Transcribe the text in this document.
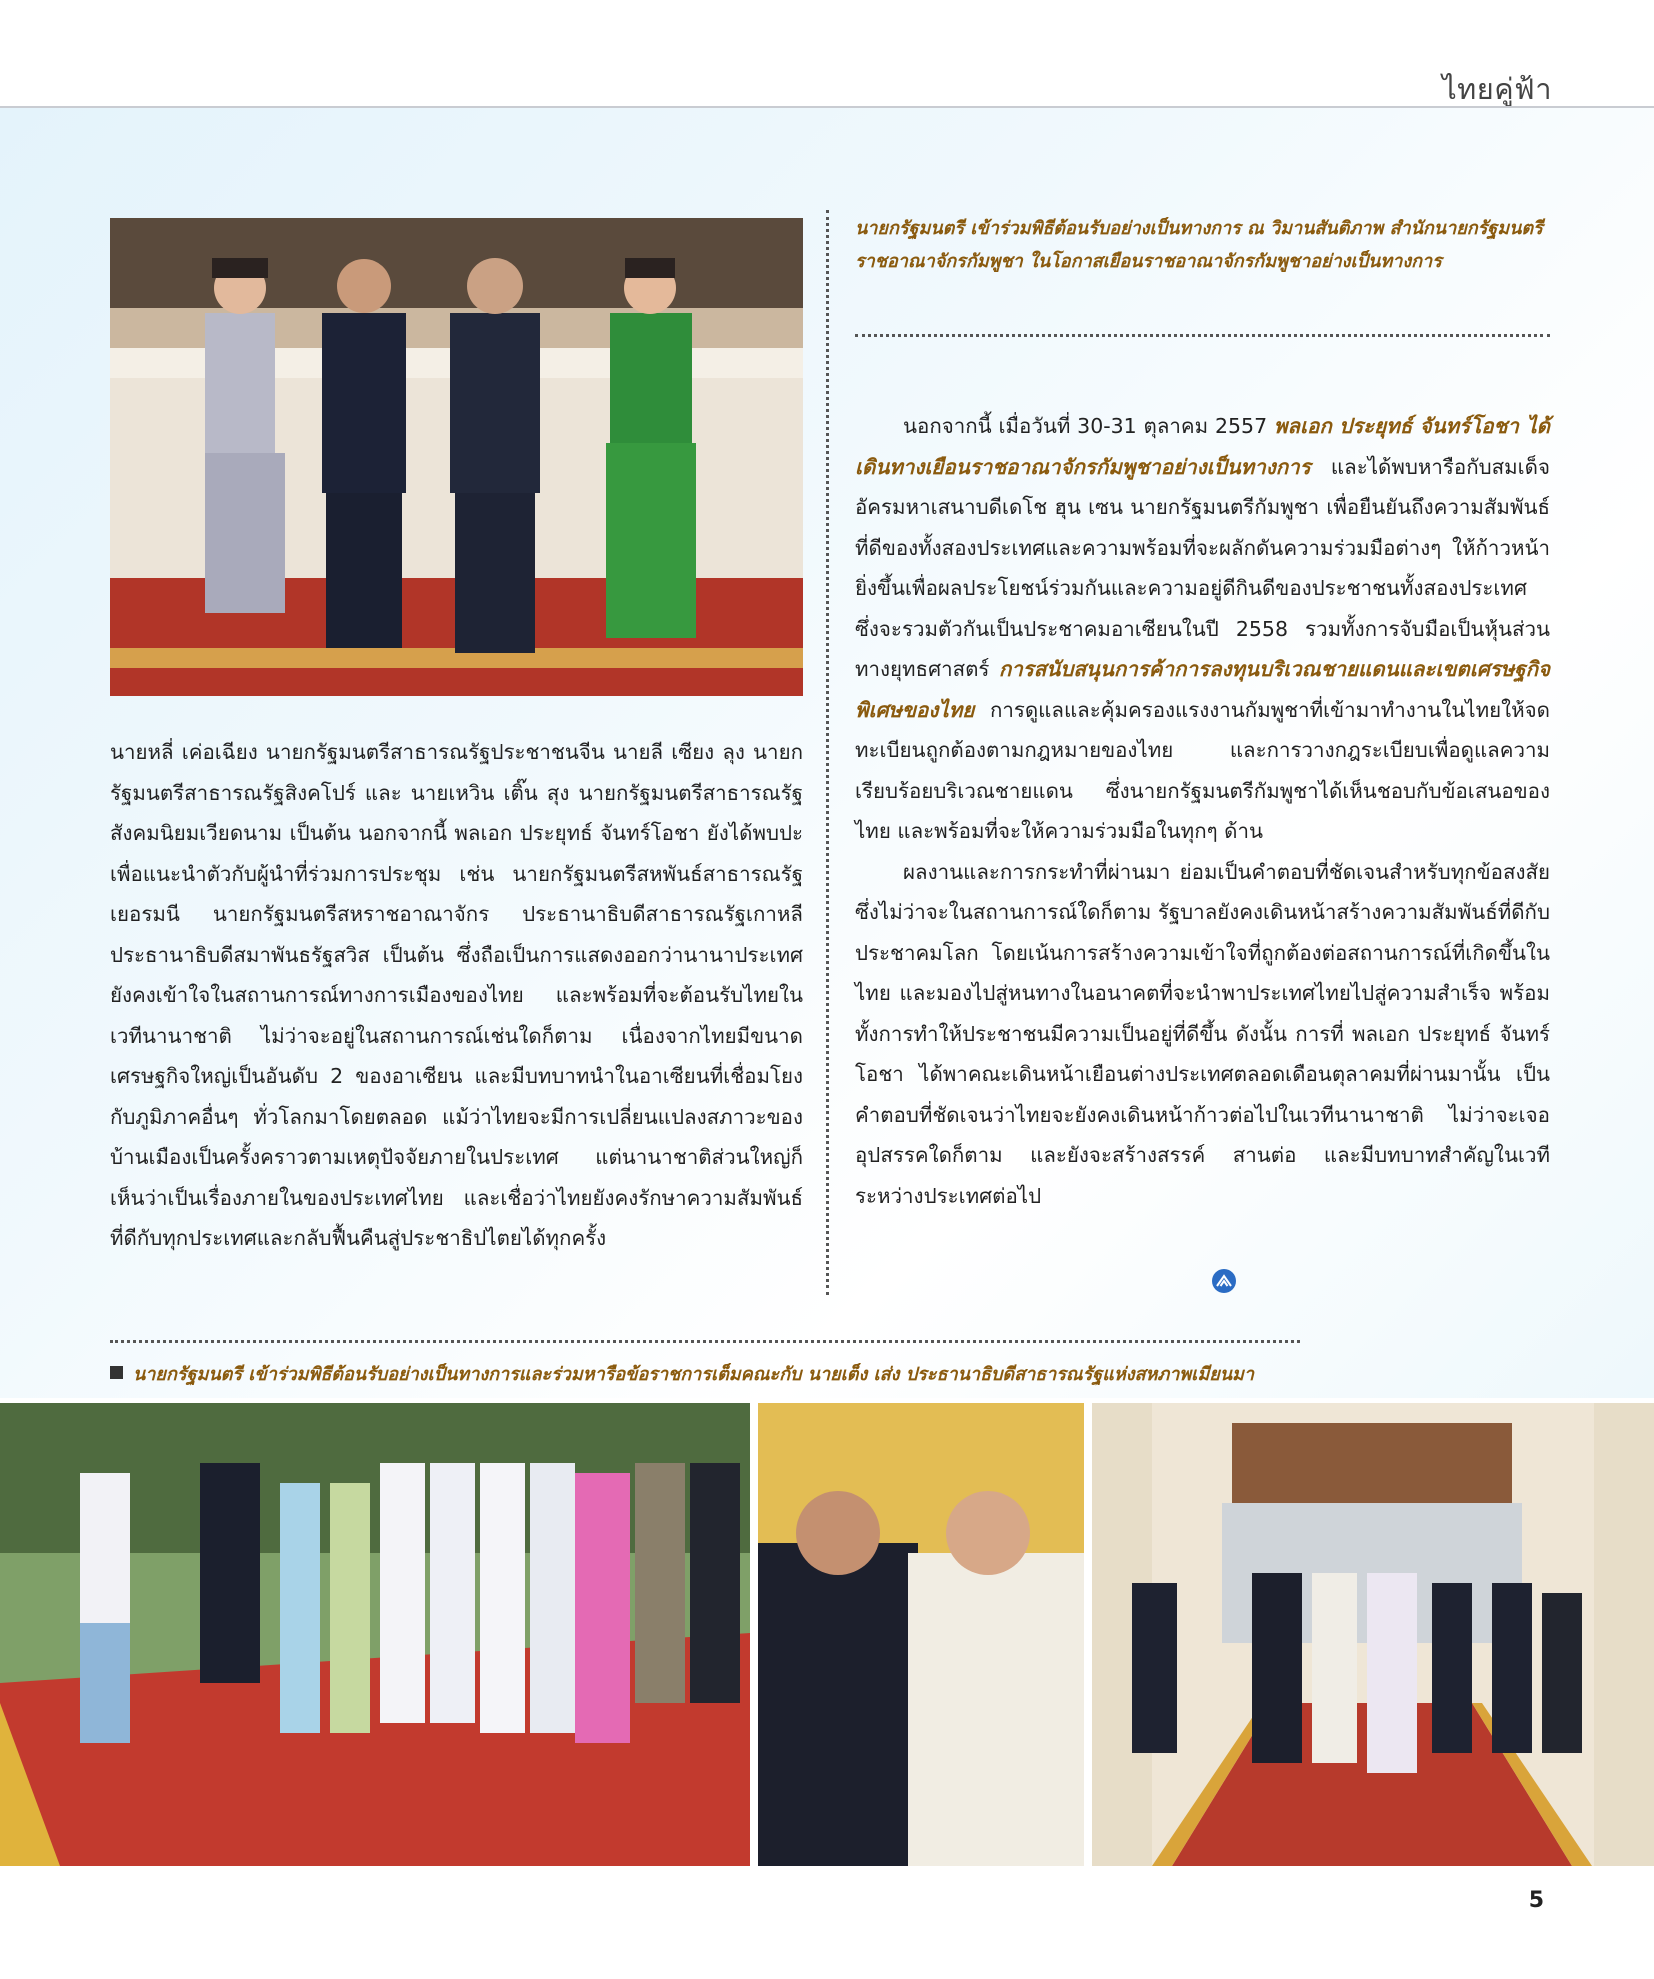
ไทยคู่ฟ้า
นายกรัฐมนตรี เข้าร่วมพิธีต้อนรับอย่างเป็นทางการ ณ วิมานสันติภาพ สำนักนายกรัฐมนตรี ราชอาณาจักรกัมพูชา ในโอกาสเยือนราชอาณาจักรกัมพูชาอย่างเป็นทางการ

นายหลี่ เค่อเฉียง นายกรัฐมนตรีสาธารณรัฐประชาชนจีน นายลี เซียง ลุง นายกรัฐมนตรีสาธารณรัฐสิงคโปร์ และ นายเหวิน เติ๊น สุง นายกรัฐมนตรีสาธารณรัฐสังคมนิยมเวียดนาม เป็นต้น นอกจากนี้ พลเอก ประยุทธ์ จันทร์โอชา ยังได้พบปะเพื่อแนะนำตัวกับผู้นำที่ร่วมการประชุม เช่น นายกรัฐมนตรีสหพันธ์สาธารณรัฐเยอรมนี นายกรัฐมนตรีสหราชอาณาจักร ประธานาธิบดีสาธารณรัฐเกาหลี ประธานาธิบดีสมาพันธรัฐสวิส เป็นต้น ซึ่งถือเป็นการแสดงออกว่านานาประเทศยังคงเข้าใจในสถานการณ์ทางการเมืองของไทย และพร้อมที่จะต้อนรับไทยในเวทีนานาชาติ ไม่ว่าจะอยู่ในสถานการณ์เช่นใดก็ตาม เนื่องจากไทยมีขนาดเศรษฐกิจใหญ่เป็นอันดับ 2 ของอาเซียน และมีบทบาทนำในอาเซียนที่เชื่อมโยงกับภูมิภาคอื่นๆ ทั่วโลกมาโดยตลอด แม้ว่าไทยจะมีการเปลี่ยนแปลงสภาวะของบ้านเมืองเป็นครั้งคราวตามเหตุปัจจัยภายในประเทศ แต่นานาชาติส่วนใหญ่ก็เห็นว่าเป็นเรื่องภายในของประเทศไทย และเชื่อว่าไทยยังคงรักษาความสัมพันธ์ที่ดีกับทุกประเทศและกลับฟื้นคืนสู่ประชาธิปไตยได้ทุกครั้ง

นอกจากนี้ เมื่อวันที่ 30-31 ตุลาคม 2557 พลเอก ประยุทธ์ จันทร์โอชา ได้เดินทางเยือนราชอาณาจักรกัมพูชาอย่างเป็นทางการ และได้พบหารือกับสมเด็จอัครมหาเสนาบดีเดโช ฮุน เซน นายกรัฐมนตรีกัมพูชา เพื่อยืนยันถึงความสัมพันธ์ที่ดีของทั้งสองประเทศและความพร้อมที่จะผลักดันความร่วมมือต่างๆ ให้ก้าวหน้ายิ่งขึ้นเพื่อผลประโยชน์ร่วมกันและความอยู่ดีกินดีของประชาชนทั้งสองประเทศ ซึ่งจะรวมตัวกันเป็นประชาคมอาเซียนในปี 2558 รวมทั้งการจับมือเป็นหุ้นส่วนทางยุทธศาสตร์ การสนับสนุนการค้าการลงทุนบริเวณชายแดนและเขตเศรษฐกิจพิเศษของไทย การดูแลและคุ้มครองแรงงานกัมพูชาที่เข้ามาทำงานในไทยให้จดทะเบียนถูกต้องตามกฎหมายของไทย และการวางกฎระเบียบเพื่อดูแลความเรียบร้อยบริเวณชายแดน ซึ่งนายกรัฐมนตรีกัมพูชาได้เห็นชอบกับข้อเสนอของไทย และพร้อมที่จะให้ความร่วมมือในทุกๆ ด้าน

ผลงานและการกระทำที่ผ่านมา ย่อมเป็นคำตอบที่ชัดเจนสำหรับทุกข้อสงสัย ซึ่งไม่ว่าจะในสถานการณ์ใดก็ตาม รัฐบาลยังคงเดินหน้าสร้างความสัมพันธ์ที่ดีกับประชาคมโลก โดยเน้นการสร้างความเข้าใจที่ถูกต้องต่อสถานการณ์ที่เกิดขึ้นในไทย และมองไปสู่หนทางในอนาคตที่จะนำพาประเทศไทยไปสู่ความสำเร็จ พร้อมทั้งการทำให้ประชาชนมีความเป็นอยู่ที่ดีขึ้น ดังนั้น การที่ พลเอก ประยุทธ์ จันทร์โอชา ได้พาคณะเดินหน้าเยือนต่างประเทศตลอดเดือนตุลาคมที่ผ่านมานั้น เป็นคำตอบที่ชัดเจนว่าไทยจะยังคงเดินหน้าก้าวต่อไปในเวทีนานาชาติ ไม่ว่าจะเจออุปสรรคใดก็ตาม และยังจะสร้างสรรค์ สานต่อ และมีบทบาทสำคัญในเวทีระหว่างประเทศต่อไป

นายกรัฐมนตรี เข้าร่วมพิธีต้อนรับอย่างเป็นทางการและร่วมหารือข้อราชการเต็มคณะกับ นายเต็ง เส่ง ประธานาธิบดีสาธารณรัฐแห่งสหภาพเมียนมา
5
